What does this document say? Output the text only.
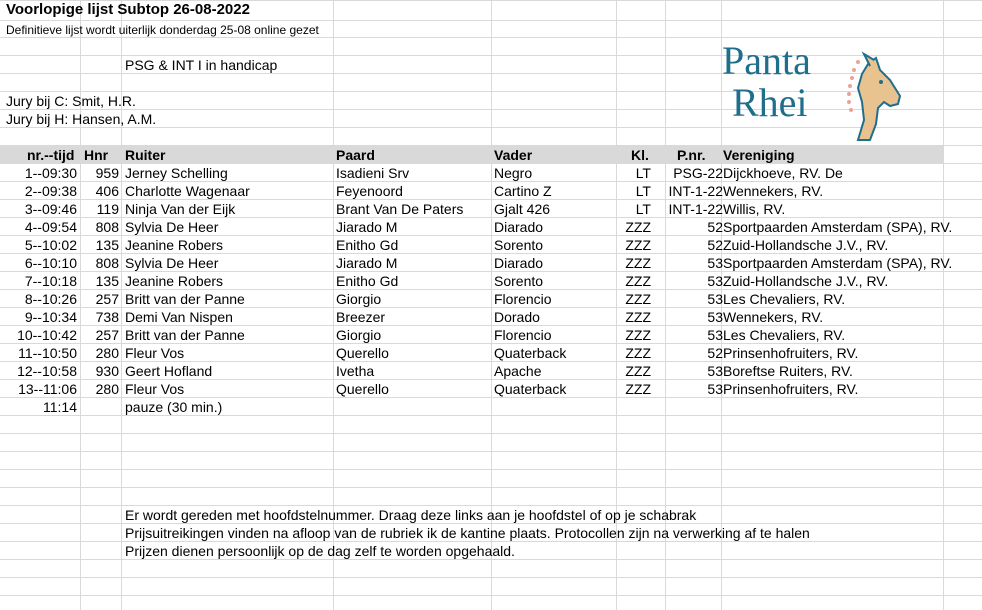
Voorlopige lijst Subtop 26-08-2022
Definitieve lijst wordt uiterlijk donderdag 25-08 online gezet
PSG & INT I in handicap
Jury bij C: Smit, H.R.
Jury bij H: Hansen, A.M.
Panta
Rhei
nr.--tijd Hnr Ruiter	Paard	Vader	Kl. P.nr. Vereniging
1--09:30	959 Jerney Schelling	Isadieni Srv	Negro	LT	PSG-22 Dijckhoeve, RV. De
2--09:38	406 Charlotte Wagenaar	Feyenoord	Cartino Z	LT INT-1-22 Wennekers, RV.
3--09:46	119 Ninja Van der Eijk	Brant Van De Paters	Gjalt 426	LT INT-1-22 Willis, RV.
4--09:54	808 Sylvia De Heer	Jiarado M	Diarado	ZZZ	52 Sportpaarden Amsterdam (SPA), RV.
5--10:02	135 Jeanine Robers	Enitho Gd	Sorento	ZZZ	52 Zuid-Hollandsche J.V., RV.
6--10:10	808 Sylvia De Heer	Jiarado M	Diarado	ZZZ	53 Sportpaarden Amsterdam (SPA), RV.
7--10:18	135 Jeanine Robers	Enitho Gd	Sorento	ZZZ	53 Zuid-Hollandsche J.V., RV.
8--10:26	257 Britt van der Panne	Giorgio	Florencio	ZZZ	53 Les Chevaliers, RV.
9--10:34	738 Demi Van Nispen	Breezer	Dorado	ZZZ	53 Wennekers, RV.
10--10:42	257 Britt van der Panne	Giorgio	Florencio	ZZZ	53 Les Chevaliers, RV.
11--10:50	280 Fleur Vos	Querello	Quaterback	ZZZ	52 Prinsenhofruiters, RV.
12--10:58	930 Geert Hofland	Ivetha	Apache	ZZZ	53 Boreftse Ruiters, RV.
13--11:06	280 Fleur Vos	Querello	Quaterback	ZZZ	53 Prinsenhofruiters, RV.
11:14	pauze (30 min.)
Er wordt gereden met hoofdstelnummer. Draag deze links aan je hoofdstel of op je schabrak
Prijsuitreikingen vinden na afloop van de rubriek ik de kantine plaats. Protocollen zijn na verwerking af te halen
Prijzen dienen persoonlijk op de dag zelf te worden opgehaald.
